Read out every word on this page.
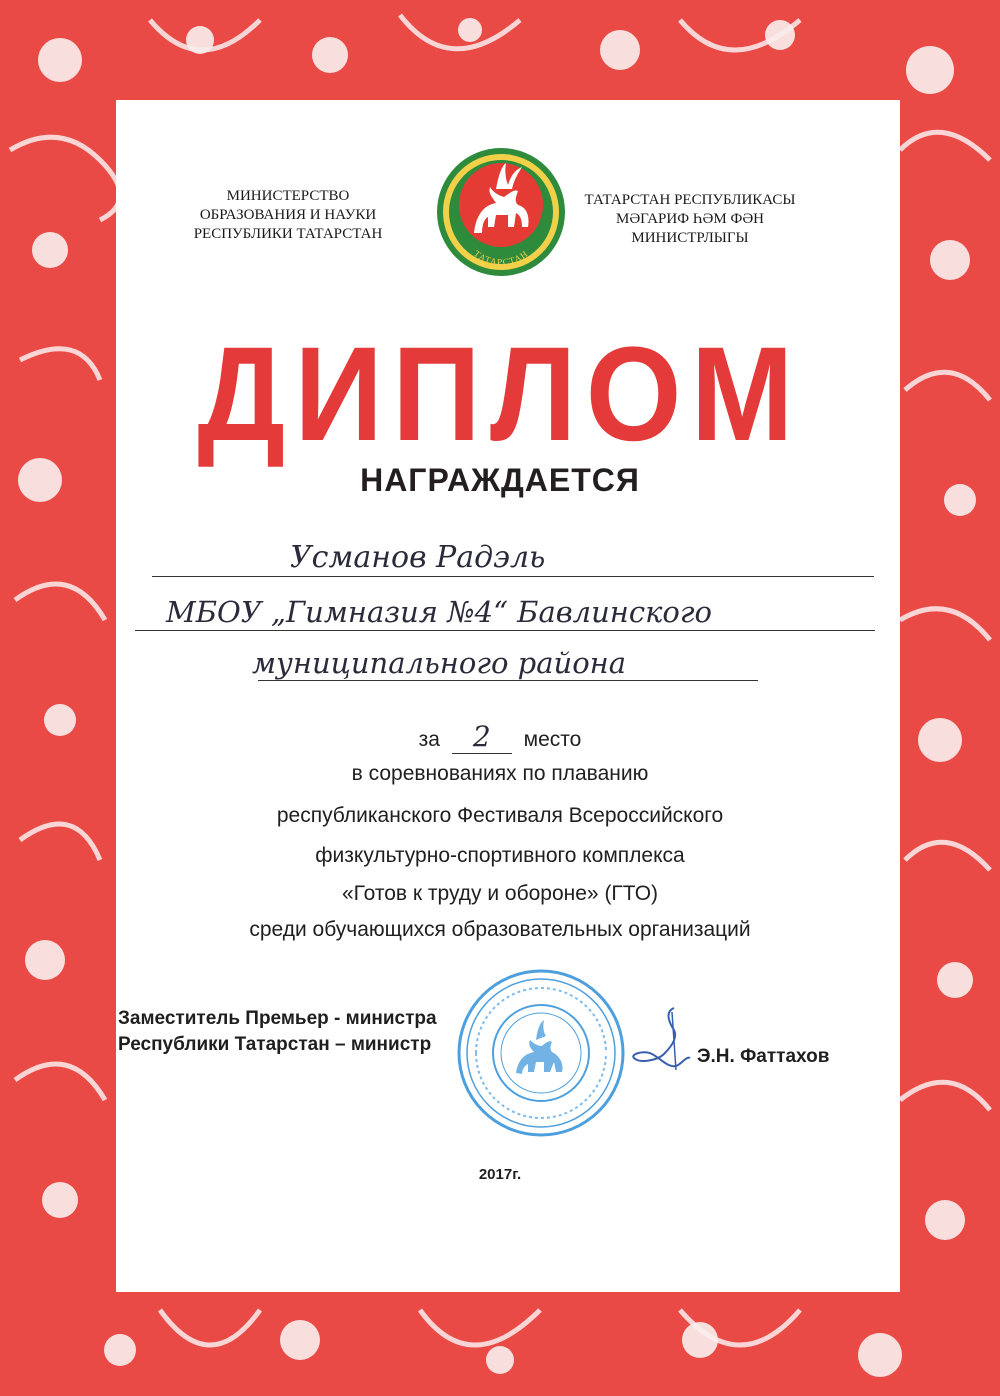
МИНИСТЕРСТВО
ОБРАЗОВАНИЯ И НАУКИ
РЕСПУБЛИКИ ТАТАРСТАН
ТАТАРСТАН РЕСПУБЛИКАСЫ
МӘГАРИФ ҺӘМ ФӘН
МИНИСТРЛЫГЫ
ТАТАРСТАН
ДИПЛОМ
НАГРАЖДАЕТСЯ
Усманов Радэль
МБОУ „Гимназия №4“ Бавлинского
муниципального района
за 2 место
в соревнованиях по плаванию
республиканского Фестиваля Всероссийского
физкультурно-спортивного комплекса
«Готов к труду и обороне» (ГТО)
среди обучающихся образовательных организаций
Заместитель Премьер - министра
Республики Татарстан – министр
Э.Н. Фаттахов
2017г.
